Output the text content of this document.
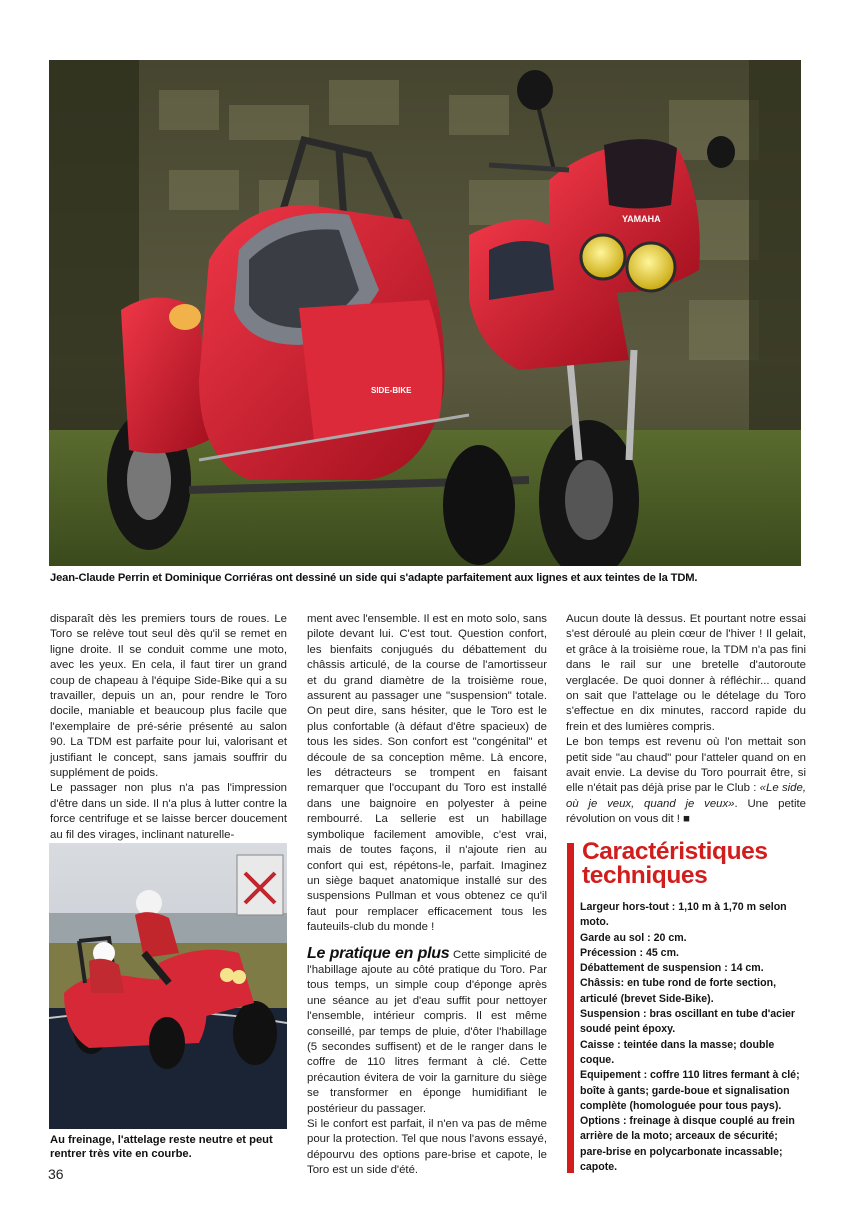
SIDE-BIKE
YAMAHA
Jean-Claude Perrin et Dominique Corriéras ont dessiné un side qui s'adapte parfaitement aux lignes et aux teintes de la TDM.

disparaît dès les premiers tours de roues. Le Toro se relève tout seul dès qu'il se remet en ligne droite. Il se conduit comme une moto, avec les yeux. En cela, il faut tirer un grand coup de chapeau à l'équipe Side-Bike qui a su travailler, depuis un an, pour rendre le Toro docile, maniable et beaucoup plus facile que l'exemplaire de pré-série présenté au salon 90. La TDM est parfaite pour lui, valorisant et justifiant le concept, sans jamais souffrir du supplément de poids.

Le passager non plus n'a pas l'impression d'être dans un side. Il n'a plus à lutter contre la force centrifuge et se laisse bercer doucement au fil des virages, inclinant naturelle-

Au freinage, l'attelage reste neutre et peut rentrer très vite en courbe.

ment avec l'ensemble. Il est en moto solo, sans pilote devant lui. C'est tout. Question confort, les bienfaits conjugués du débattement du châssis articulé, de la course de l'amortisseur et du grand diamètre de la troisième roue, assurent au passager une "suspension" totale. On peut dire, sans hésiter, que le Toro est le plus confortable (à défaut d'être spacieux) de tous les sides. Son confort est "congénital" et découle de sa conception même. Là encore, les détracteurs se trompent en faisant remarquer que l'occupant du Toro est installé dans une baignoire en polyester à peine rembourré. La sellerie est un habillage symbolique facilement amovible, c'est vrai, mais de toutes façons, il n'ajoute rien au confort qui est, répétons-le, parfait. Imaginez un siège baquet anatomique installé sur des suspensions Pullman et vous obtenez ce qu'il faut pour remplacer efficacement tous les fauteuils-club du monde !

Le pratique en plus Cette simplicité de l'habillage ajoute au côté pratique du Toro. Par tous temps, un simple coup d'éponge après une séance au jet d'eau suffit pour nettoyer l'ensemble, intérieur compris. Il est même conseillé, par temps de pluie, d'ôter l'habillage (5 secondes suffisent) et de le ranger dans le coffre de 110 litres fermant à clé. Cette précaution évitera de voir la garniture du siège se transformer en éponge humidifiant le postérieur du passager.

Si le confort est parfait, il n'en va pas de même pour la protection. Tel que nous l'avons essayé, dépourvu des options pare-brise et capote, le Toro est un side d'été.

Aucun doute là dessus. Et pourtant notre essai s'est déroulé au plein cœur de l'hiver ! Il gelait, et grâce à la troisième roue, la TDM n'a pas fini dans le rail sur une bretelle d'autoroute verglacée. De quoi donner à réfléchir... quand on sait que l'attelage ou le dételage du Toro s'effectue en dix minutes, raccord rapide du frein et des lumières compris.

Le bon temps est revenu où l'on mettait son petit side "au chaud" pour l'atteler quand on en avait envie. La devise du Toro pourrait être, si elle n'était pas déjà prise par le Club : «Le side, où je veux, quand je veux». Une petite révolution on vous dit ! ■

Caractéristiques techniques
Largeur hors-tout : 1,10 m à 1,70 m selon moto.
Garde au sol : 20 cm.
Précession : 45 cm.
Débattement de suspension : 14 cm.
Châssis: en tube rond de forte section, articulé (brevet Side-Bike).
Suspension : bras oscillant en tube d'acier soudé peint époxy.
Caisse : teintée dans la masse; double coque.
Equipement : coffre 110 litres fermant à clé; boîte à gants; garde-boue et signalisation complète (homologuée pour tous pays).
Options : freinage à disque couplé au frein arrière de la moto; arceaux de sécurité; pare-brise en polycarbonate incassable; capote.
36
